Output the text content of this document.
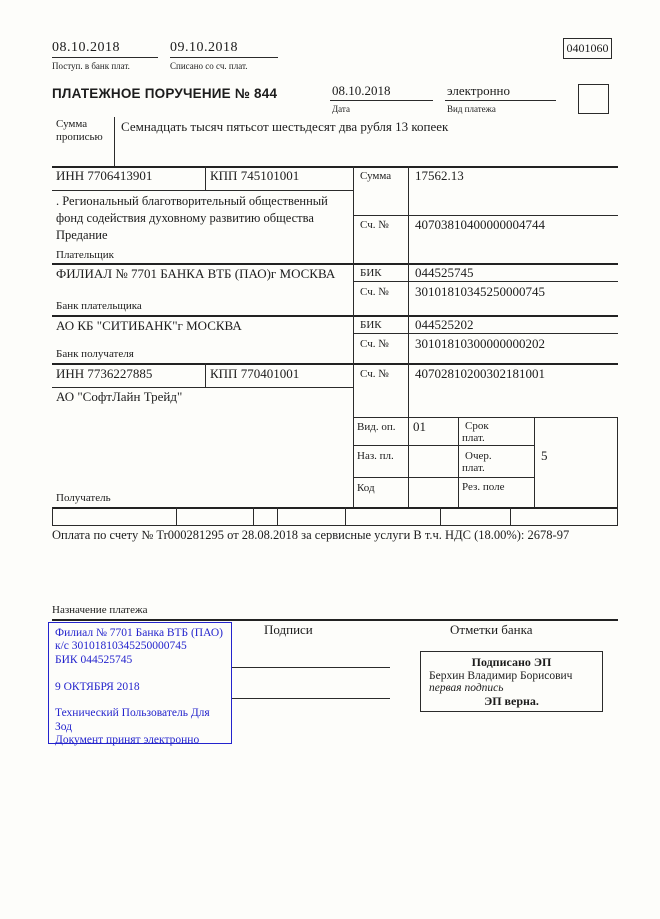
08.10.2018
Поступ. в банк плат.
09.10.2018
Списано со сч. плат.
0401060
ПЛАТЕЖНОЕ ПОРУЧЕНИЕ № 844	08.10.2018
Дата
электронно
Вид платежа
Сумма
прописью
Семнадцать тысяч пятьсот шестьдесят два рубля 13 копеек
ИНН 7706413901	КПП 745101001	Сумма 17562.13
. Региональный благотворительный общественный фонд содействия духовному развитию общества Предание
Сч. № 40703810400000004744
Плательщик
ФИЛИАЛ № 7701 БАНКА ВТБ (ПАО)г МОСКВА БИК	044525745
Сч. № 30101810345250000745
Банк плательщика
АО КБ "СИТИБАНК"г МОСКВА	БИК	044525202
Сч. № 30101810300000000202
Банк получателя
ИНН 7736227885	КПП 770401001	Сч. № 40702810200302181001
АО "СофтЛайн Трейд"
Получатель
Вид. оп. 01	Срок
плат.
Наз. пл.	Очер.
плат.
5
Код	Рез. поле
Оплата по счету № Tr000281295 от 28.08.2018 за сервисные услуги В т.ч. НДС (18.00%): 2678-97
Назначение платежа
Филиал № 7701 Банка ВТБ (ПАО)
к/с 30101810345250000745
БИК 044525745
9 ОКТЯБРЯ 2018
Технический Пользователь Для
Зод
Документ принят электронно
Подписи	Отметки банка
Подписано ЭП
Берхин Владимир Борисович
первая подпись
ЭП верна.
